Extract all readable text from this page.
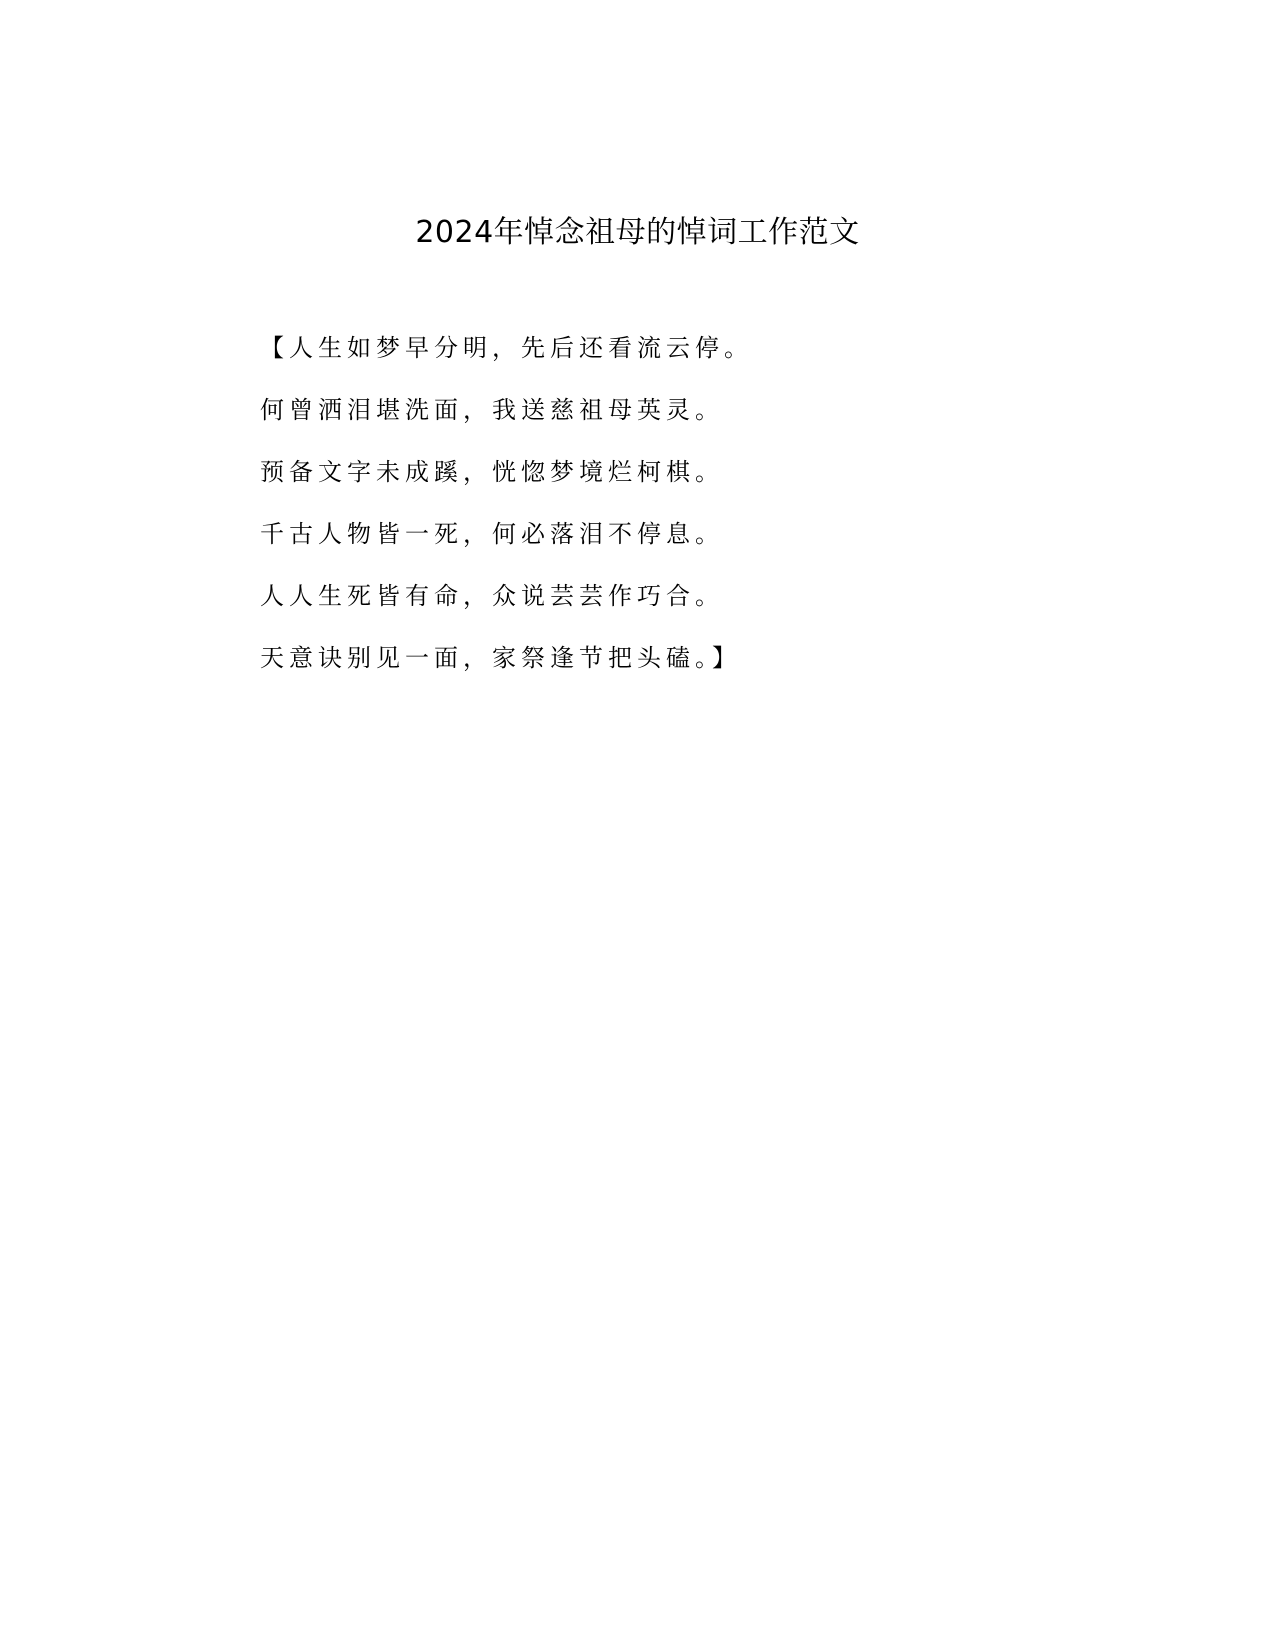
2024年悼念祖母的悼词工作范文
【人生如梦早分明，先后还看流云停。
何曾洒泪堪洗面，我送慈祖母英灵。
预备文字未成蹊，恍惚梦境烂柯棋。
千古人物皆一死，何必落泪不停息。
人人生死皆有命，众说芸芸作巧合。
天意诀别见一面，家祭逢节把头磕。】
